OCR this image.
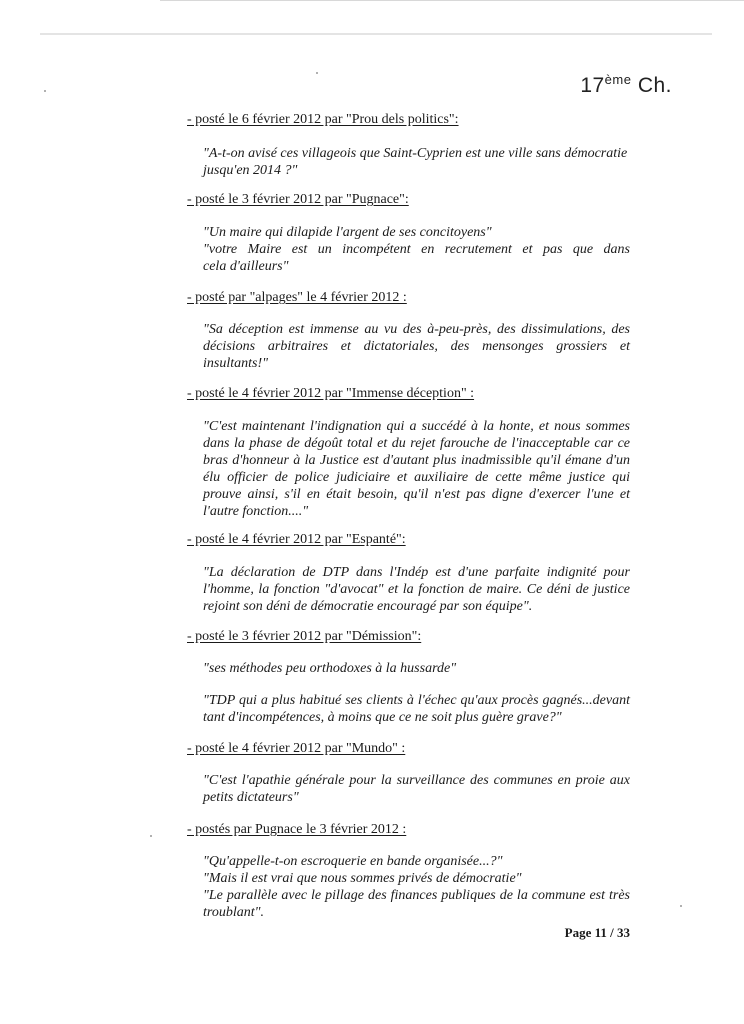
17ème Ch.
- posté le 6 février 2012 par "Prou dels politics":
"A-t-on avisé ces villageois que Saint-Cyprien est une ville sans démocratie
jusqu'en 2014 ?"
- posté le 3 février 2012 par "Pugnace":
"Un maire qui dilapide l'argent de ses concitoyens"
"votre Maire est un incompétent en recrutement et pas que dans
cela d'ailleurs"
- posté par "alpages" le 4 février 2012 :
"Sa déception est immense au vu des à-peu-près, des dissimulations, des
décisions arbitraires et dictatoriales, des mensonges grossiers et
insultants!"
- posté le 4 février 2012 par "Immense déception" :
"C'est maintenant l'indignation qui a succédé à la honte, et nous sommes
dans la phase de dégoût total et du rejet farouche de l'inacceptable car ce
bras d'honneur à la Justice est d'autant plus inadmissible qu'il émane d'un
élu officier de police judiciaire et auxiliaire de cette même justice qui
prouve ainsi, s'il en était besoin, qu'il n'est pas digne d'exercer l'une et
l'autre fonction...."
- posté le 4 février 2012 par "Espanté":
"La déclaration de DTP dans l'Indép est d'une parfaite indignité pour
l'homme, la fonction "d'avocat" et la fonction de maire. Ce déni de justice
rejoint son déni de démocratie encouragé par son équipe".
- posté le 3 février 2012 par "Démission":
"ses méthodes peu orthodoxes à la hussarde"
"TDP qui a plus habitué ses clients à l'échec qu'aux procès gagnés...devant
tant d'incompétences, à moins que ce ne soit plus guère grave?"
- posté le 4 février 2012 par "Mundo" :
"C'est l'apathie générale pour la surveillance des communes en proie aux
petits dictateurs"
- postés par Pugnace le 3 février 2012 :
"Qu'appelle-t-on escroquerie en bande organisée...?"
"Mais il est vrai que nous sommes privés de démocratie"
"Le parallèle avec le pillage des finances publiques de la commune est très
troublant".
Page 11 / 33
